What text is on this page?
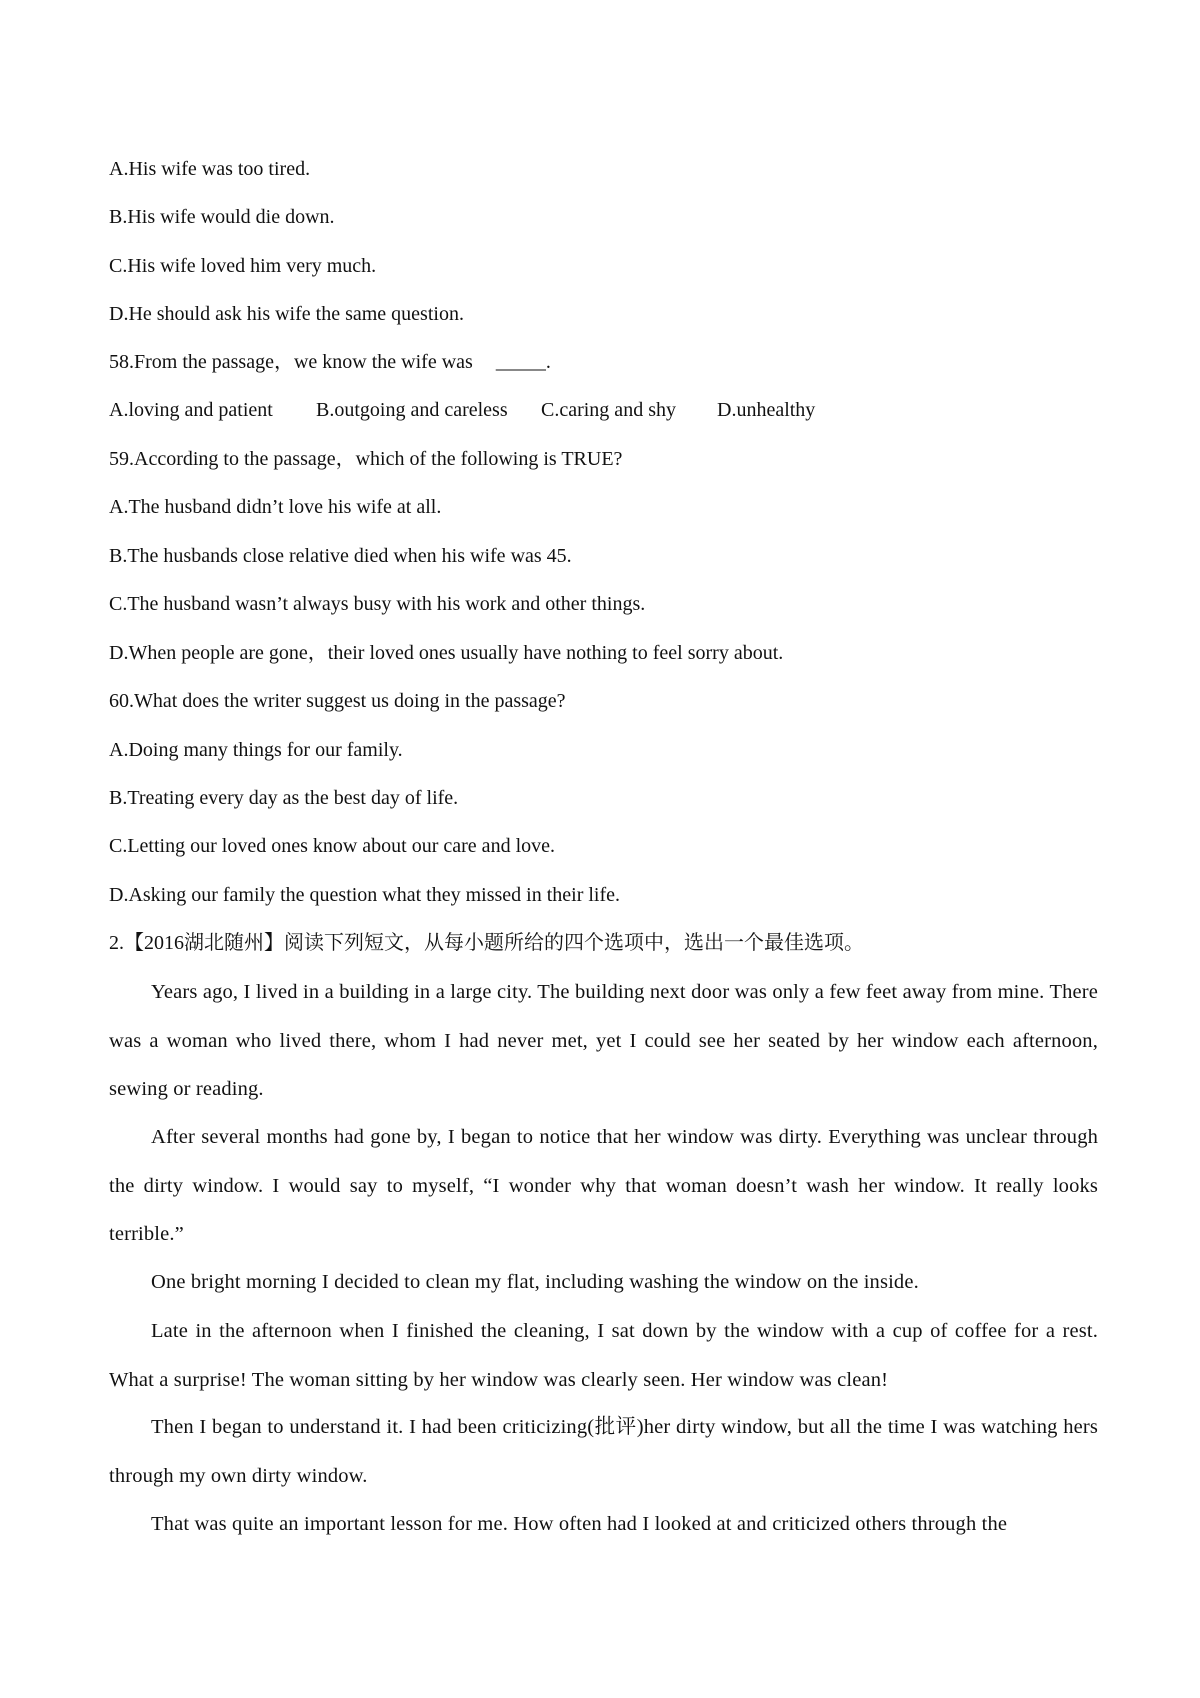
A.His wife was too tired.
B.His wife would die down.
C.His wife loved him very much.
D.He should ask his wife the same question.
58.From the passage，we know the wife was _____.
A.loving and patient B.outgoing and careless C.caring and shy D.unhealthy
59.According to the passage，which of the following is TRUE?
A.The husband didn’t love his wife at all.
B.The husbands close relative died when his wife was 45.
C.The husband wasn’t always busy with his work and other things.
D.When people are gone，their loved ones usually have nothing to feel sorry about.
60.What does the writer suggest us doing in the passage?
A.Doing many things for our family.
B.Treating every day as the best day of life.
C.Letting our loved ones know about our care and love.
D.Asking our family the question what they missed in their life.
2.【2016湖北随州】阅读下列短文，从每小题所给的四个选项中，选出一个最佳选项。
Years ago, I lived in a building in a large city. The building next door was only a few feet away from mine. There was a woman who lived there, whom I had never met, yet I could see her seated by her window each afternoon, sewing or reading.
After several months had gone by, I began to notice that her window was dirty. Everything was unclear through the dirty window. I would say to myself, “I wonder why that woman doesn’t wash her window. It really looks terrible.”
One bright morning I decided to clean my flat, including washing the window on the inside.
Late in the afternoon when I finished the cleaning, I sat down by the window with a cup of coffee for a rest. What a surprise! The woman sitting by her window was clearly seen. Her window was clean!
Then I began to understand it. I had been criticizing(批评)her dirty window, but all the time I was watching hers through my own dirty window.
That was quite an important lesson for me. How often had I looked at and criticized others through the
